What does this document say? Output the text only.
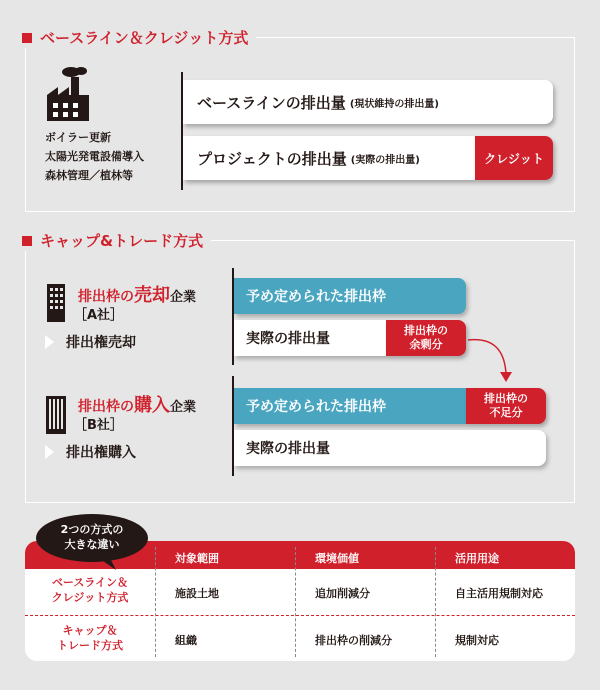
ベースライン＆クレジット方式
ボイラー更新
太陽光発電設備導入
森林管理／植林等
ベースラインの排出量 (現状維持の排出量)
プロジェクトの排出量 (実際の排出量)	クレジット
キャップ&トレード方式
排出枠の 売却 企業
［A社］
排出権売却
予め定められた排出枠
実際の排出量
排出枠の
余剰分
排出枠の 購入 企業
［B社］
排出権購入
予め定められた排出枠
排出枠の
不足分
実際の排出量
対象範囲	環境価値	活用用途
ベースライン＆
クレジット方式	施設土地	追加削減分	自主活用規制対応
キャップ＆
トレード方式	組織	排出枠の削減分	規制対応
2つの方式の
大きな違い
